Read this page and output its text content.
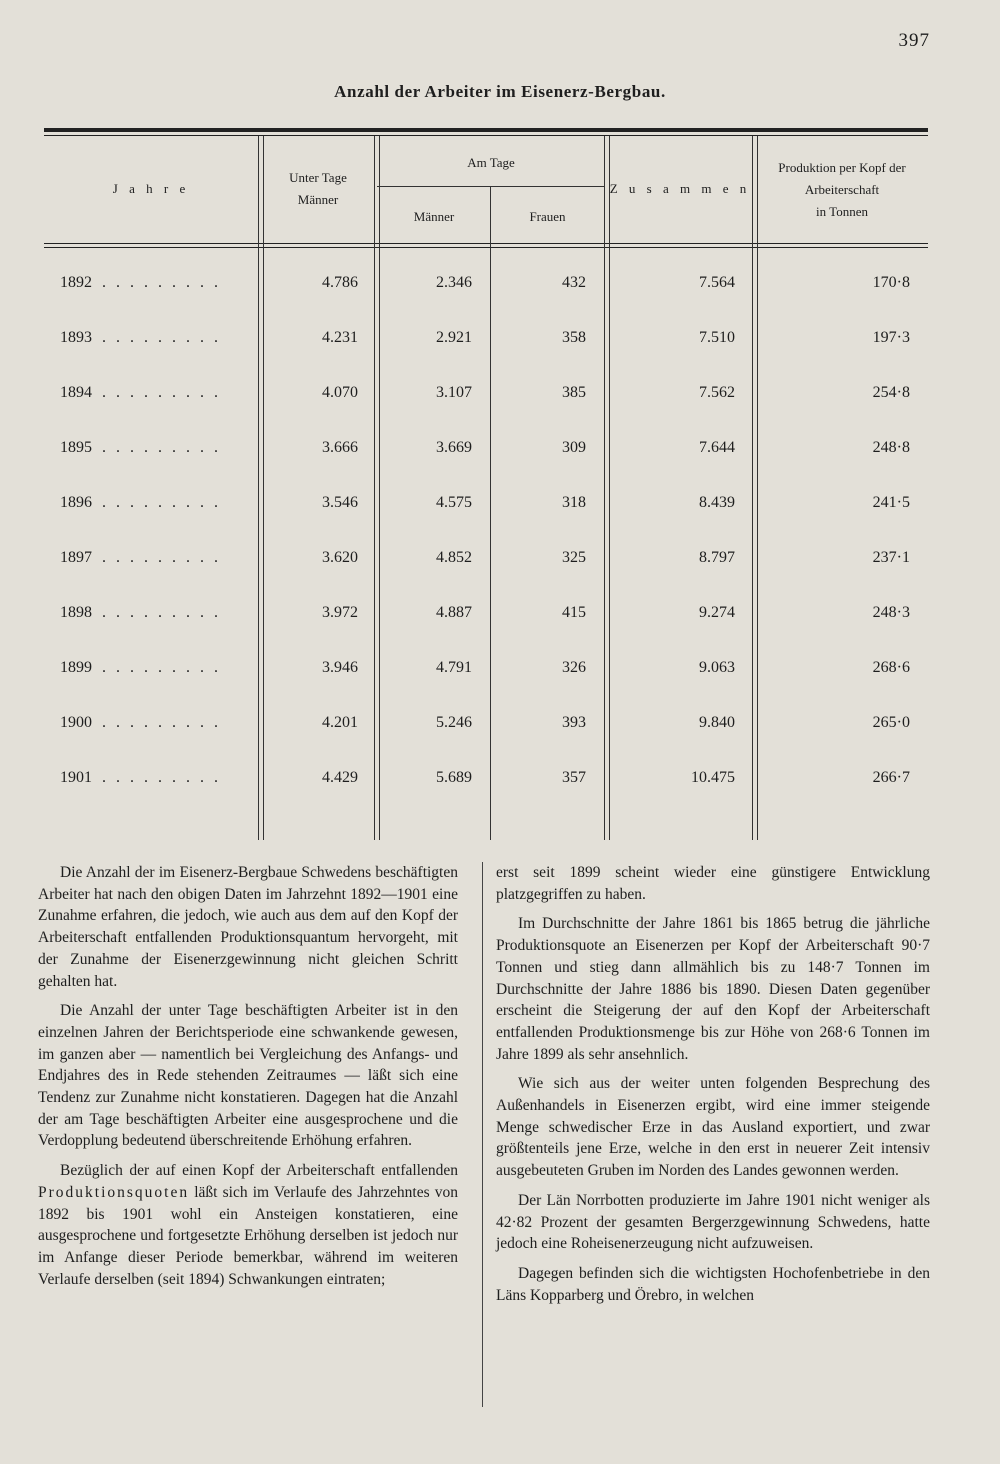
397
Anzahl der Arbeiter im Eisenerz-Bergbau.
J a h r e
Unter Tage
Männer
Am Tage
Männer	Frauen
Z u s a m m e n
Produktion per Kopf der
Arbeiterschaft
in Tonnen
1892 . . . . . . . . .	4.786	2.346	432	7.564	170·8
1893 . . . . . . . . .	4.231	2.921	358	7.510	197·3
1894 . . . . . . . . .	4.070	3.107	385	7.562	254·8
1895 . . . . . . . . .	3.666	3.669	309	7.644	248·8
1896 . . . . . . . . .	3.546	4.575	318	8.439	241·5
1897 . . . . . . . . .	3.620	4.852	325	8.797	237·1
1898 . . . . . . . . .	3.972	4.887	415	9.274	248·3
1899 . . . . . . . . .	3.946	4.791	326	9.063	268·6
1900 . . . . . . . . .	4.201	5.246	393	9.840	265·0
1901 . . . . . . . . .	4.429	5.689	357	10.475	266·7

Die Anzahl der im Eisenerz-Bergbaue Schwedens beschäftigten Arbeiter hat nach den obigen Daten im Jahrzehnt 1892—1901 eine Zunahme erfahren, die jedoch, wie auch aus dem auf den Kopf der Arbeiterschaft entfallenden Produktionsquantum hervorgeht, mit der Zunahme der Eisenerzgewinnung nicht gleichen Schritt gehalten hat.

Die Anzahl der unter Tage beschäftigten Arbeiter ist in den einzelnen Jahren der Berichtsperiode eine schwankende gewesen, im ganzen aber — namentlich bei Vergleichung des Anfangs- und Endjahres des in Rede stehenden Zeitraumes — läßt sich eine Tendenz zur Zunahme nicht konstatieren. Dagegen hat die Anzahl der am Tage beschäftigten Arbeiter eine ausgesprochene und die Verdopplung bedeutend überschreitende Erhöhung erfahren.

Bezüglich der auf einen Kopf der Arbeiterschaft entfallenden Produktionsquoten läßt sich im Verlaufe des Jahrzehntes von 1892 bis 1901 wohl ein Ansteigen konstatieren, eine ausgesprochene und fortgesetzte Erhöhung derselben ist jedoch nur im Anfange dieser Periode bemerkbar, während im weiteren Verlaufe derselben (seit 1894) Schwankungen eintraten;

erst seit 1899 scheint wieder eine günstigere Entwicklung platzgegriffen zu haben.

Im Durchschnitte der Jahre 1861 bis 1865 betrug die jährliche Produktionsquote an Eisenerzen per Kopf der Arbeiterschaft 90·7 Tonnen und stieg dann allmählich bis zu 148·7 Tonnen im Durchschnitte der Jahre 1886 bis 1890. Diesen Daten gegenüber erscheint die Steigerung der auf den Kopf der Arbeiterschaft entfallenden Produktionsmenge bis zur Höhe von 268·6 Tonnen im Jahre 1899 als sehr ansehnlich.

Wie sich aus der weiter unten folgenden Besprechung des Außenhandels in Eisenerzen ergibt, wird eine immer steigende Menge schwedischer Erze in das Ausland exportiert, und zwar größtenteils jene Erze, welche in den erst in neuerer Zeit intensiv ausgebeuteten Gruben im Norden des Landes gewonnen werden.

Der Län Norrbotten produzierte im Jahre 1901 nicht weniger als 42·82 Prozent der gesamten Bergerzgewinnung Schwedens, hatte jedoch eine Roheisenerzeugung nicht aufzuweisen.

Dagegen befinden sich die wichtigsten Hochofenbetriebe in den Läns Kopparberg und Örebro, in welchen
